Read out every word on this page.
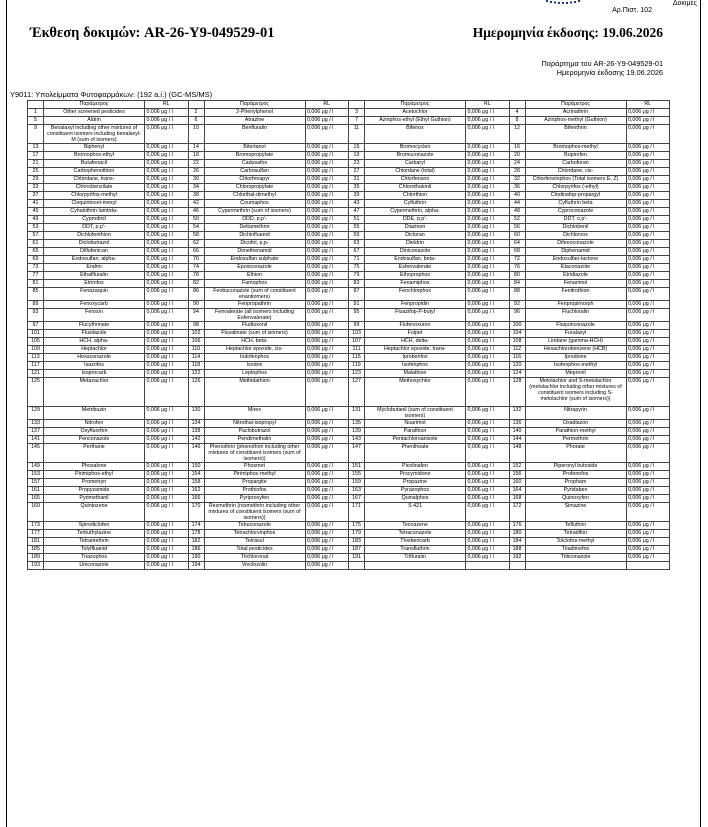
Δοκιμές
Αρ.Πιστ. 102
Έκθεση δοκιμών: AR-26-Y9-049529-01	Ημερομηνία έκδοσης: 19.06.2026
Παράρτημα του AR-26-Y9-049529-01
Ημερομηνία έκδοσης 19.06.2026
Y9011: Υπολείμματα Φυτοφαρμάκων: (192 a.i.) (GC-MS/MS)
	Παράμετρος	RL		Παράμετρος	RL		Παράμετρος	RL		Παράμετρος	RL
1	Other screened pesticides	0,006 μg / l	2	2-Phenylphenol	0,006 μg / l	3	Acetochlor	0,006 μg / l	4	Acrinathrin	0,006 μg / l
5	Aldrin	0,006 μg / l	6	Atrazine	0,006 μg / l	7	Azinphos-ethyl (Ethyl Guthion)	0,006 μg / l	8	Azinphos-methyl (Guthion)	0,006 μg / l
9	Benalaxyl including other mixtures of constituent isomers including benalaxyl-M (sum of isomers)	0,006 μg / l	10	Benfluralin	0,006 μg / l	11	Bifenox	0,006 μg / l	12	Bifenthrin	0,006 μg / l
13	Biphenyl	0,006 μg / l	14	Bitertanol	0,006 μg / l	15	Bromocyclen	0,006 μg / l	16	Bromophos-methyl	0,006 μg / l
17	Bromophos-ethyl	0,006 μg / l	18	Bromopropylate	0,006 μg / l	19	Bromuconazole	0,006 μg / l	20	Bupirofen	0,006 μg / l
21	Butafenacil	0,006 μg / l	22	Cadusafos	0,006 μg / l	23	Carbaryl	0,006 μg / l	24	Carbofuran	0,006 μg / l
25	Carbophenothion	0,006 μg / l	26	Carbosulfan	0,006 μg / l	27	Chlordane (total)	0,006 μg / l	28	Chlordane, cis-	0,006 μg / l
29	Chlordane, trans-	0,006 μg / l	30	Chlorfenapyr	0,006 μg / l	31	Chlorfenson	0,006 μg / l	32	Chlorfenvinphos (Total isomers E, Z)	0,006 μg / l
33	Chlorobenzilate	0,006 μg / l	34	Chloropropylate	0,006 μg / l	35	Chlorothalonil	0,006 μg / l	36	Chlorpyrifos (-ethyl)	0,006 μg / l
37	Chlorpyrifos-methyl	0,006 μg / l	38	Chlorthal-dimethyl	0,006 μg / l	39	Chlorthion	0,006 μg / l	40	Clodinafop-propargyl	0,006 μg / l
41	Cloquintocet-mexyl	0,006 μg / l	42	Coumaphos	0,006 μg / l	43	Cyfluthrin	0,006 μg / l	44	Cyfluthrin beta	0,006 μg / l
45	Cyhalothrin lambda-	0,006 μg / l	46	Cypermethrin (sum of isomers)	0,006 μg / l	47	Cypermethrin, alpha-	0,006 μg / l	48	Cyproconazole	0,006 μg / l
49	Cyprodinil	0,006 μg / l	50	DDD, p,p'-	0,006 μg / l	51	DDE, p,p'-	0,006 μg / l	52	DDT, o,p'-	0,006 μg / l
53	DDT, p,p'-	0,006 μg / l	54	Deltamethrin	0,006 μg / l	55	Diazinon	0,006 μg / l	56	Dichlobenil	0,006 μg / l
57	Dichlofenthion	0,006 μg / l	58	Dichlofluanid	0,006 μg / l	59	Dicloran	0,006 μg / l	60	Dichlorvos	0,006 μg / l
61	Diclobutrazol	0,006 μg / l	62	Dicofol, p,p-	0,006 μg / l	63	Dieldrin	0,006 μg / l	64	Difenoconazole	0,006 μg / l
65	Diflufenican	0,006 μg / l	66	Dimethenamid	0,006 μg / l	67	Diniconazole	0,006 μg / l	68	Diphenamid	0,006 μg / l
69	Endosulfan, alpha-	0,006 μg / l	70	Endosulfan sulphate	0,006 μg / l	71	Endosulfan, beta-	0,006 μg / l	72	Endosulfan-lactone	0,006 μg / l
73	Endrin	0,006 μg / l	74	Epoxiconazole	0,006 μg / l	75	Esfenvalerate	0,006 μg / l	76	Etaconazole	0,006 μg / l
77	Ethalfluralin	0,006 μg / l	78	Ethion	0,006 μg / l	79	Ethoprophos	0,006 μg / l	80	Etridiazole	0,006 μg / l
81	Etrimfos	0,006 μg / l	82	Famophos	0,006 μg / l	83	Fenamiphos	0,006 μg / l	84	Fenarimol	0,006 μg / l
85	Fenazaquin	0,006 μg / l	86	Fenbuconazole (sum of constituent enantiomers)	0,006 μg / l	87	Fenchlorphos	0,006 μg / l	88	Fenitrothion	0,006 μg / l
89	Fenoxycarb	0,006 μg / l	90	Fenpropathrin	0,006 μg / l	91	Fenpropidin	0,006 μg / l	92	Fenpropimorph	0,006 μg / l
93	Fenson	0,006 μg / l	94	Fenvalerate (all isomers including Esfenvalerate)	0,006 μg / l	95	Fluazifop-P-butyl	0,006 μg / l	96	Fluchloralin	0,006 μg / l
97	Flucythrinate	0,006 μg / l	98	Fludioxonil	0,006 μg / l	99	Flufenoxuron	0,006 μg / l	100	Fluquinconazole	0,006 μg / l
101	Flusilazole	0,006 μg / l	102	Fluvalinate (sum of isomers)	0,006 μg / l	103	Folpet	0,006 μg / l	104	Furalaxyl	0,006 μg / l
105	HCH, alpha-	0,006 μg / l	106	HCH, beta-	0,006 μg / l	107	HCH, delta-	0,006 μg / l	108	Lindane (gamma-HCH)	0,006 μg / l
109	Heptachlor	0,006 μg / l	110	Heptachlor epoxide, cis-	0,006 μg / l	111	Heptachlor epoxide, trans-	0,006 μg / l	112	Hexachlorobenzene (HCB)	0,006 μg / l
113	Hexaconazole	0,006 μg / l	114	Iodofenphos	0,006 μg / l	115	Iprobenfos	0,006 μg / l	116	Iprodione	0,006 μg / l
117	Isazofos	0,006 μg / l	118	Isodrin	0,006 μg / l	119	Isofenphos	0,006 μg / l	120	Isofenphos-methyl	0,006 μg / l
121	Isoprocarb	0,006 μg / l	122	Leptophos	0,006 μg / l	123	Malathion	0,006 μg / l	124	Mepronil	0,006 μg / l
125	Metazachlor	0,006 μg / l	126	Methidathion	0,006 μg / l	127	Methoxychlor	0,006 μg / l	128	Metolachlor and S-metolachlor (metolachlor including other mixtures of constituent isomers including S-metolachlor (sum of isomers))	0,006 μg / l
129	Metribuzin	0,006 μg / l	130	Mirex	0,006 μg / l	131	Myclobutanil (sum of constituent isomers)	0,006 μg / l	132	Nitrapyrin	0,006 μg / l
133	Nitrofen	0,006 μg / l	134	Nitrothal-isopropyl	0,006 μg / l	135	Nuarimol	0,006 μg / l	136	Oxadiazon	0,006 μg / l
137	Oxyfluorfen	0,006 μg / l	138	Paclobutrazol	0,006 μg / l	139	Parathion	0,006 μg / l	140	Parathion-methyl	0,006 μg / l
141	Penconazole	0,006 μg / l	142	Pendimethalin	0,006 μg / l	143	Pentachloroanisole	0,006 μg / l	144	Permethrin	0,006 μg / l
145	Perthane	0,006 μg / l	146	Phenothrin (phenothrin including other mixtures of constituent isomers (sum of isomers))	0,006 μg / l	147	Phenthoate	0,006 μg / l	148	Phorate	0,006 μg / l
149	Phosalone	0,006 μg / l	150	Phosmet	0,006 μg / l	151	Picolinafen	0,006 μg / l	152	Piperonyl butoxide	0,006 μg / l
153	Pirimiphos-ethyl	0,006 μg / l	154	Pirimiphos-methyl	0,006 μg / l	155	Procymidone	0,006 μg / l	156	Profenofos	0,006 μg / l
157	Prometryn	0,006 μg / l	158	Propargite	0,006 μg / l	159	Propazine	0,006 μg / l	160	Propham	0,006 μg / l
161	Propyzamide	0,006 μg / l	162	Prothiofos	0,006 μg / l	163	Pyrazophos	0,006 μg / l	164	Pyridaben	0,006 μg / l
165	Pyrimethanil	0,006 μg / l	166	Pyriproxyfen	0,006 μg / l	167	Quinalphos	0,006 μg / l	168	Quinoxyfen	0,006 μg / l
169	Quintozene	0,006 μg / l	170	Resmethrin (resmethrin including other mixtures of constituent isomers (sum of isomers))	0,006 μg / l	171	S 421	0,006 μg / l	172	Simazine	0,006 μg / l
173	Spirodiclofen	0,006 μg / l	174	Tebuconazole	0,006 μg / l	175	Tecnazene	0,006 μg / l	176	Tefluthrin	0,006 μg / l
177	Terbuthylazine	0,006 μg / l	178	Tetrachlorvinphos	0,006 μg / l	179	Tetraconazole	0,006 μg / l	180	Tetradifon	0,006 μg / l
181	Tetramethrin	0,006 μg / l	182	Tetrasul	0,006 μg / l	183	Thiobencarb	0,006 μg / l	184	Tolclofos-methyl	0,006 μg / l
185	Tolylfluanid	0,006 μg / l	186	Total pesticides	0,006 μg / l	187	Transfluthrin	0,006 μg / l	188	Triadimefon	0,006 μg / l
189	Triazophos	0,006 μg / l	190	Trichloronat	0,006 μg / l	191	Trifluralin	0,006 μg / l	192	Triticonazole	0,006 μg / l
193	Uniconazole	0,006 μg / l	194	Vinclozolin	0,006 μg / l						
